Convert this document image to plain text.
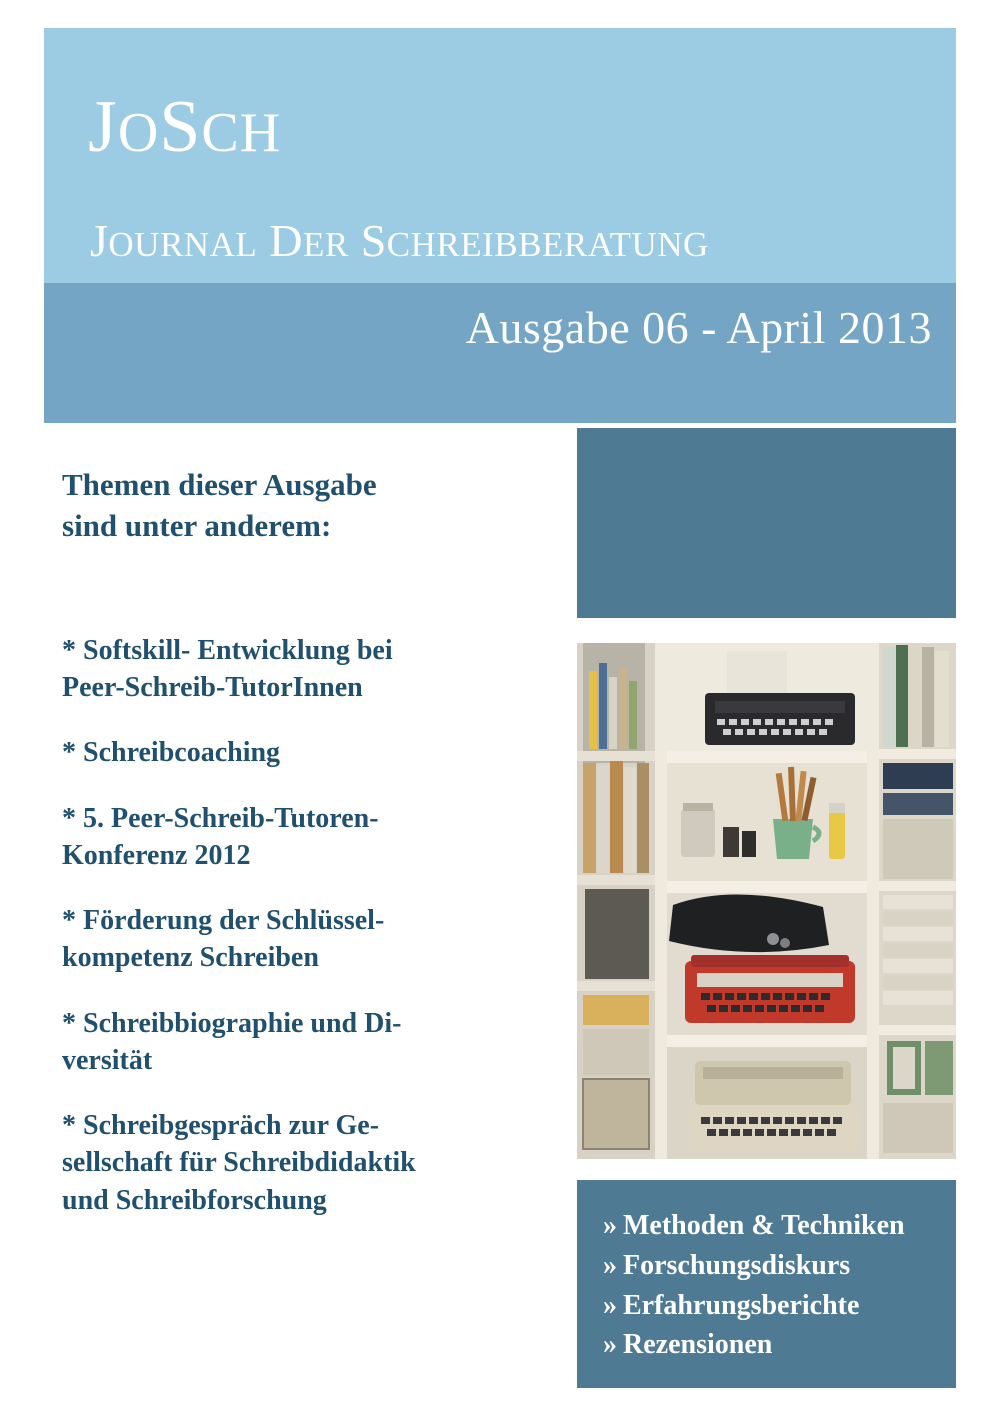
JOSCH
JOURNAL DER SCHREIBBERATUNG
Ausgabe 06 - April 2013
Themen dieser Ausgabe
sind unter anderem:
* Softskill- Entwicklung bei
Peer-Schreib-TutorInnen
* Schreibcoaching
* 5. Peer-Schreib-Tutoren-
Konferenz 2012
* Förderung der Schlüssel-
kompetenz Schreiben
* Schreibbiographie und Di-
versität
* Schreibgespräch zur Ge-
sellschaft für Schreibdidaktik
und Schreibforschung
» Methoden & Techniken
» Forschungsdiskurs
» Erfahrungsberichte
» Rezensionen
